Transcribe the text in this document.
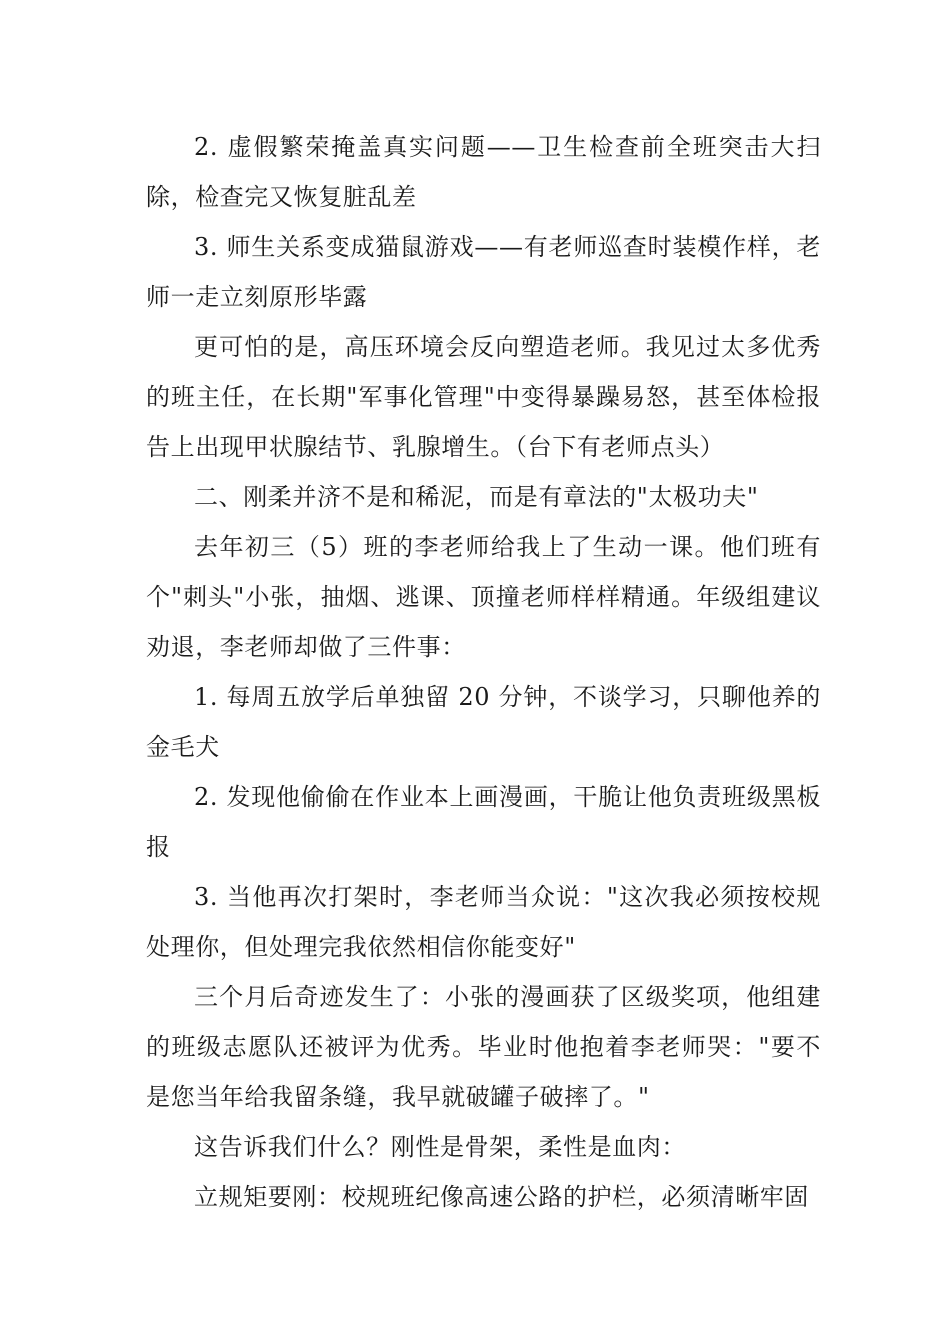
2. 虚假繁荣掩盖真实问题——卫生检查前全班突击大扫除，检查完又恢复脏乱差

3. 师生关系变成猫鼠游戏——有老师巡查时装模作样，老师一走立刻原形毕露

更可怕的是，高压环境会反向塑造老师。我见过太多优秀的班主任，在长期"军事化管理"中变得暴躁易怒，甚至体检报告上出现甲状腺结节、乳腺增生。（台下有老师点头）

二、刚柔并济不是和稀泥，而是有章法的"太极功夫"

去年初三（5）班的李老师给我上了生动一课。他们班有个"刺头"小张，抽烟、逃课、顶撞老师样样精通。年级组建议劝退，李老师却做了三件事：

1. 每周五放学后单独留 20 分钟，不谈学习，只聊他养的金毛犬

2. 发现他偷偷在作业本上画漫画，干脆让他负责班级黑板报

3. 当他再次打架时，李老师当众说："这次我必须按校规处理你，但处理完我依然相信你能变好"

三个月后奇迹发生了：小张的漫画获了区级奖项，他组建的班级志愿队还被评为优秀。毕业时他抱着李老师哭："要不是您当年给我留条缝，我早就破罐子破摔了。"

这告诉我们什么？刚性是骨架，柔性是血肉：

立规矩要刚：校规班纪像高速公路的护栏，必须清晰牢固
